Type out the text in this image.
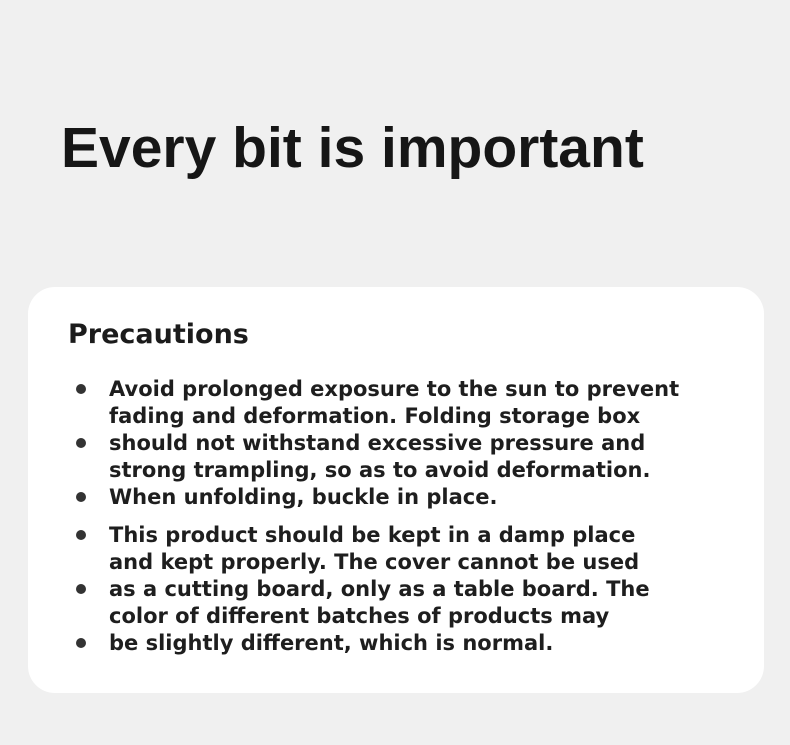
Every bit is important
Precautions
Avoid prolonged exposure to the sun to prevent
fading and deformation. Folding storage box
should not withstand excessive pressure and
strong trampling, so as to avoid deformation.
When unfolding, buckle in place.
This product should be kept in a damp place
and kept properly. The cover cannot be used
as a cutting board, only as a table board. The
color of different batches of products may
be slightly different, which is normal.
